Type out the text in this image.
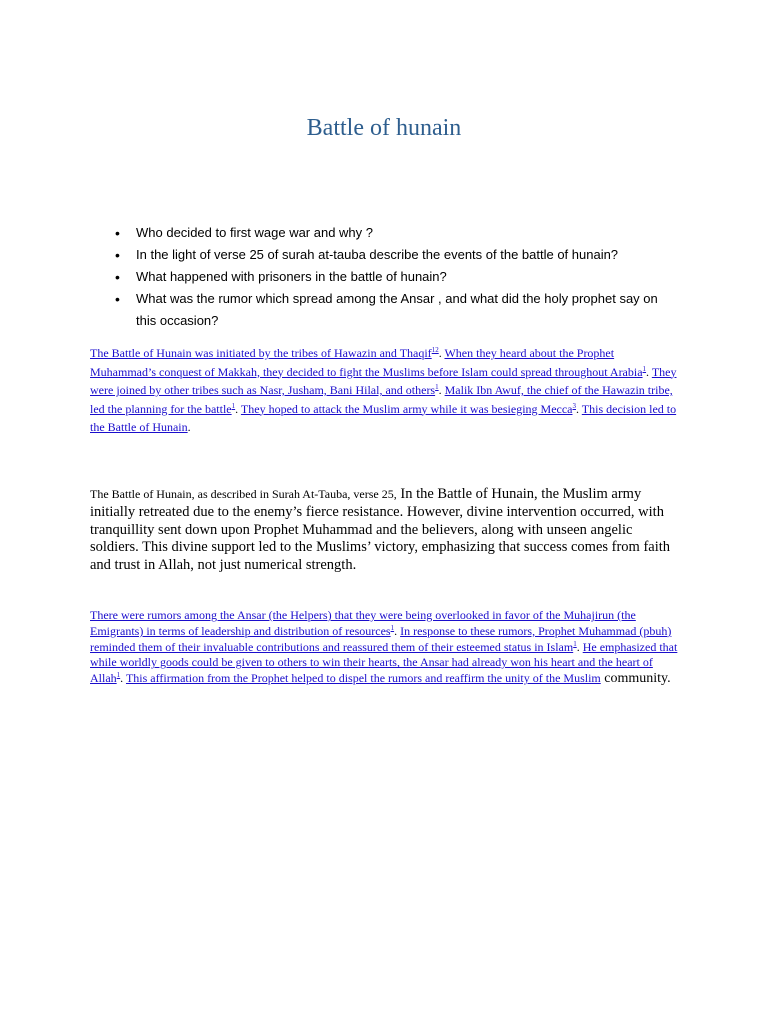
Battle of hunain
• Who decided to first wage war and why ?
• In the light of verse 25 of surah at-tauba describe the events of the battle of hunain?
• What happened with prisoners in the battle of hunain?
• What was the rumor which spread among the Ansar , and what did the holy prophet say on this occasion?

The Battle of Hunain was initiated by the tribes of Hawazin and Thaqif$^{12}$. When they heard about the Prophet Muhammad’s conquest of Makkah, they decided to fight the Muslims before Islam could spread throughout Arabia$^1$. They were joined by other tribes such as Nasr, Jusham, Bani Hilal, and others$^1$. Malik Ibn Awuf, the chief of the Hawazin tribe, led the planning for the battle$^1$. They hoped to attack the Muslim army while it was besieging Mecca$^3$. This decision led to the Battle of Hunain.

The Battle of Hunain, as described in Surah At-Tauba, verse 25, In the Battle of Hunain, the Muslim army initially retreated due to the enemy’s fierce resistance. However, divine intervention occurred, with tranquillity sent down upon Prophet Muhammad and the believers, along with unseen angelic soldiers. This divine support led to the Muslims’ victory, emphasizing that success comes from faith and trust in Allah, not just numerical strength.

There were rumors among the Ansar (the Helpers) that they were being overlooked in favor of the Muhajirun (the Emigrants) in terms of leadership and distribution of resources$^1$. In response to these rumors, Prophet Muhammad (pbuh) reminded them of their invaluable contributions and reassured them of their esteemed status in Islam$^1$. He emphasized that while worldly goods could be given to others to win their hearts, the Ansar had already won his heart and the heart of Allah$^1$. This affirmation from the Prophet helped to dispel the rumors and reaffirm the unity of the Muslim community.
